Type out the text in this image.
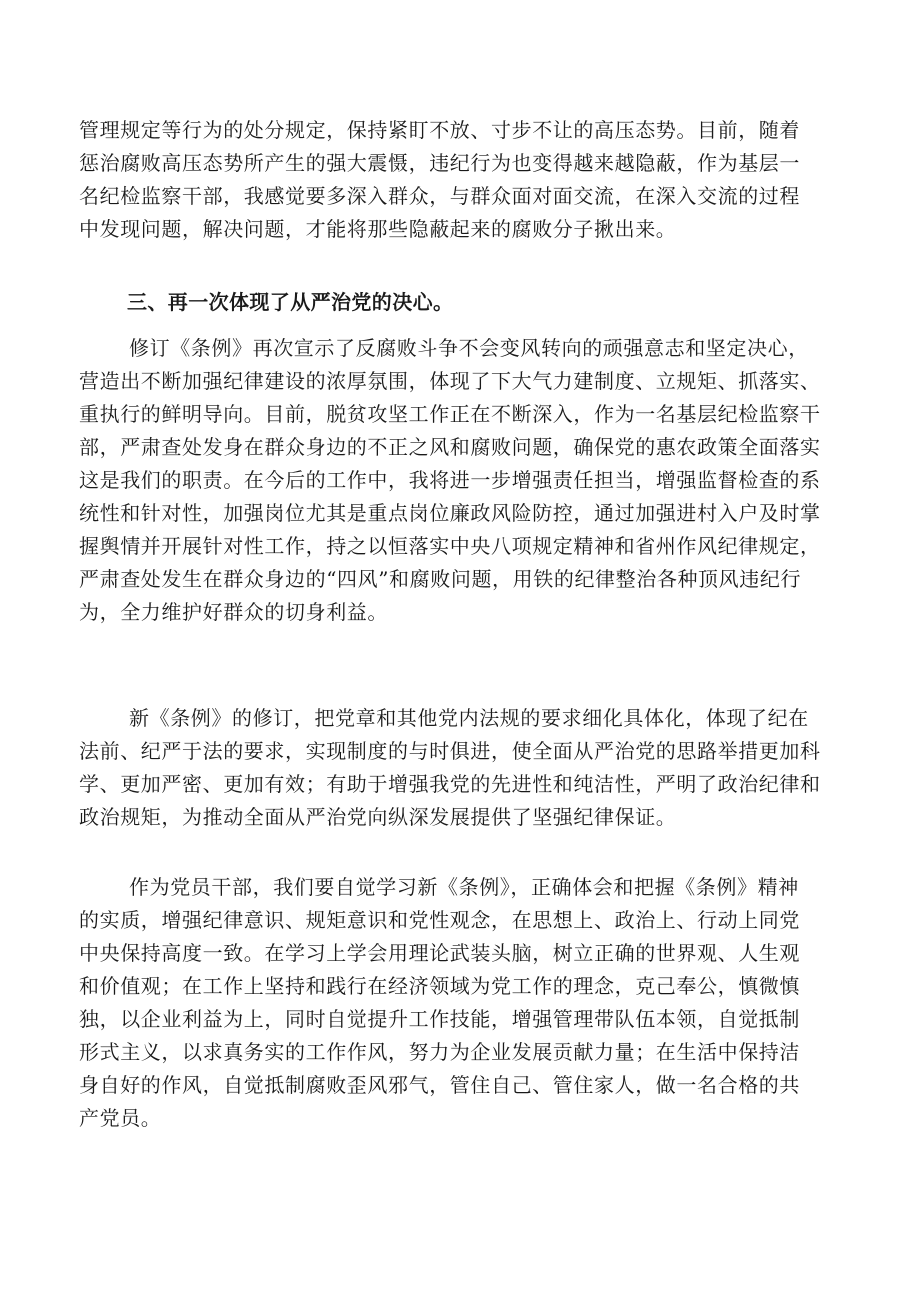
管理规定等行为的处分规定，保持紧盯不放、寸步不让的高压态势。目前，随着
惩治腐败高压态势所产生的强大震慑，违纪行为也变得越来越隐蔽，作为基层一
名纪检监察干部，我感觉要多深入群众，与群众面对面交流，在深入交流的过程
中发现问题，解决问题，才能将那些隐蔽起来的腐败分子揪出来。
三、再一次体现了从严治党的决心。
修订《条例》再次宣示了反腐败斗争不会变风转向的顽强意志和坚定决心，
营造出不断加强纪律建设的浓厚氛围，体现了下大气力建制度、立规矩、抓落实、
重执行的鲜明导向。目前，脱贫攻坚工作正在不断深入，作为一名基层纪检监察干
部，严肃查处发身在群众身边的不正之风和腐败问题，确保党的惠农政策全面落实
这是我们的职责。在今后的工作中，我将进一步增强责任担当，增强监督检查的系
统性和针对性，加强岗位尤其是重点岗位廉政风险防控，通过加强进村入户及时掌
握舆情并开展针对性工作，持之以恒落实中央八项规定精神和省州作风纪律规定，
严肃查处发生在群众身边的“四风”和腐败问题，用铁的纪律整治各种顶风违纪行
为，全力维护好群众的切身利益。
新《条例》的修订，把党章和其他党内法规的要求细化具体化，体现了纪在
法前、纪严于法的要求，实现制度的与时俱进，使全面从严治党的思路举措更加科
学、更加严密、更加有效；有助于增强我党的先进性和纯洁性，严明了政治纪律和
政治规矩，为推动全面从严治党向纵深发展提供了坚强纪律保证。
作为党员干部，我们要自觉学习新《条例》，正确体会和把握《条例》精神
的实质，增强纪律意识、规矩意识和党性观念，在思想上、政治上、行动上同党
中央保持高度一致。在学习上学会用理论武装头脑，树立正确的世界观、人生观
和价值观；在工作上坚持和践行在经济领域为党工作的理念，克己奉公，慎微慎
独，以企业利益为上，同时自觉提升工作技能，增强管理带队伍本领，自觉抵制
形式主义，以求真务实的工作作风，努力为企业发展贡献力量；在生活中保持洁
身自好的作风，自觉抵制腐败歪风邪气，管住自己、管住家人，做一名合格的共
产党员。
